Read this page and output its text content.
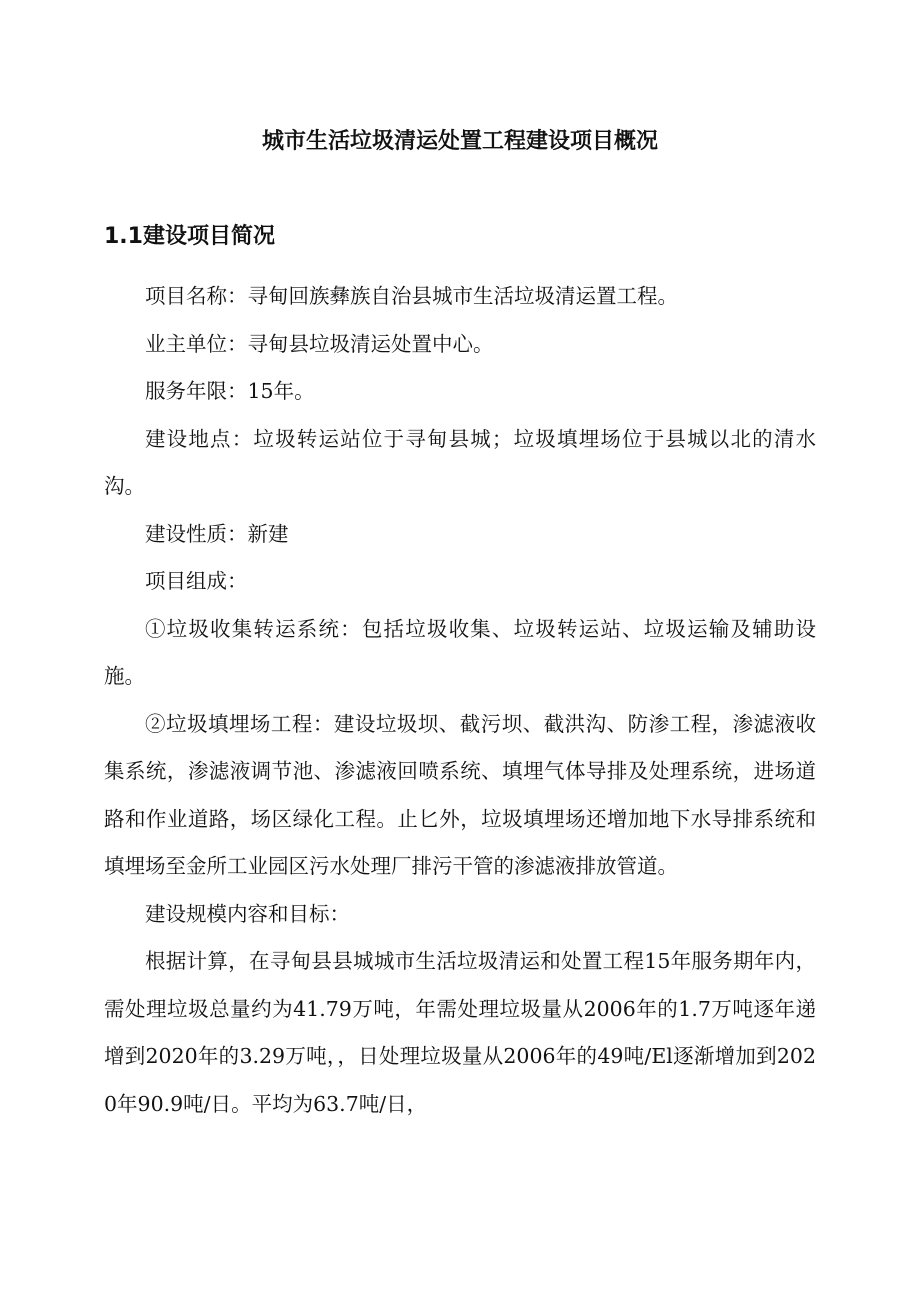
城市生活垃圾清运处置工程建设项目概况
1.1建设项目简况

项目名称：寻甸回族彝族自治县城市生活垃圾清运置工程。

业主单位：寻甸县垃圾清运处置中心。

服务年限：15年。

建设地点：垃圾转运站位于寻甸县城；垃圾填埋场位于县城以北的清水沟。

建设性质：新建

项目组成：

①垃圾收集转运系统：包括垃圾收集、垃圾转运站、垃圾运输及辅助设施。

②垃圾填埋场工程：建设垃圾坝、截污坝、截洪沟、防渗工程，渗滤液收集系统，渗滤液调节池、渗滤液回喷系统、填埋气体导排及处理系统，进场道路和作业道路，场区绿化工程。止匕外，垃圾填埋场还增加地下水导排系统和填埋场至金所工业园区污水处理厂排污干管的渗滤液排放管道。

建设规模内容和目标：

根据计算，在寻甸县县城城市生活垃圾清运和处置工程15年服务期年内，需处理垃圾总量约为41.79万吨，年需处理垃圾量从2006年的1.7万吨逐年递增到2020年的3.29万吨，，日处理垃圾量从2006年的49吨/El逐渐增加到2020年90.9吨/日。平均为63.7吨/日，
